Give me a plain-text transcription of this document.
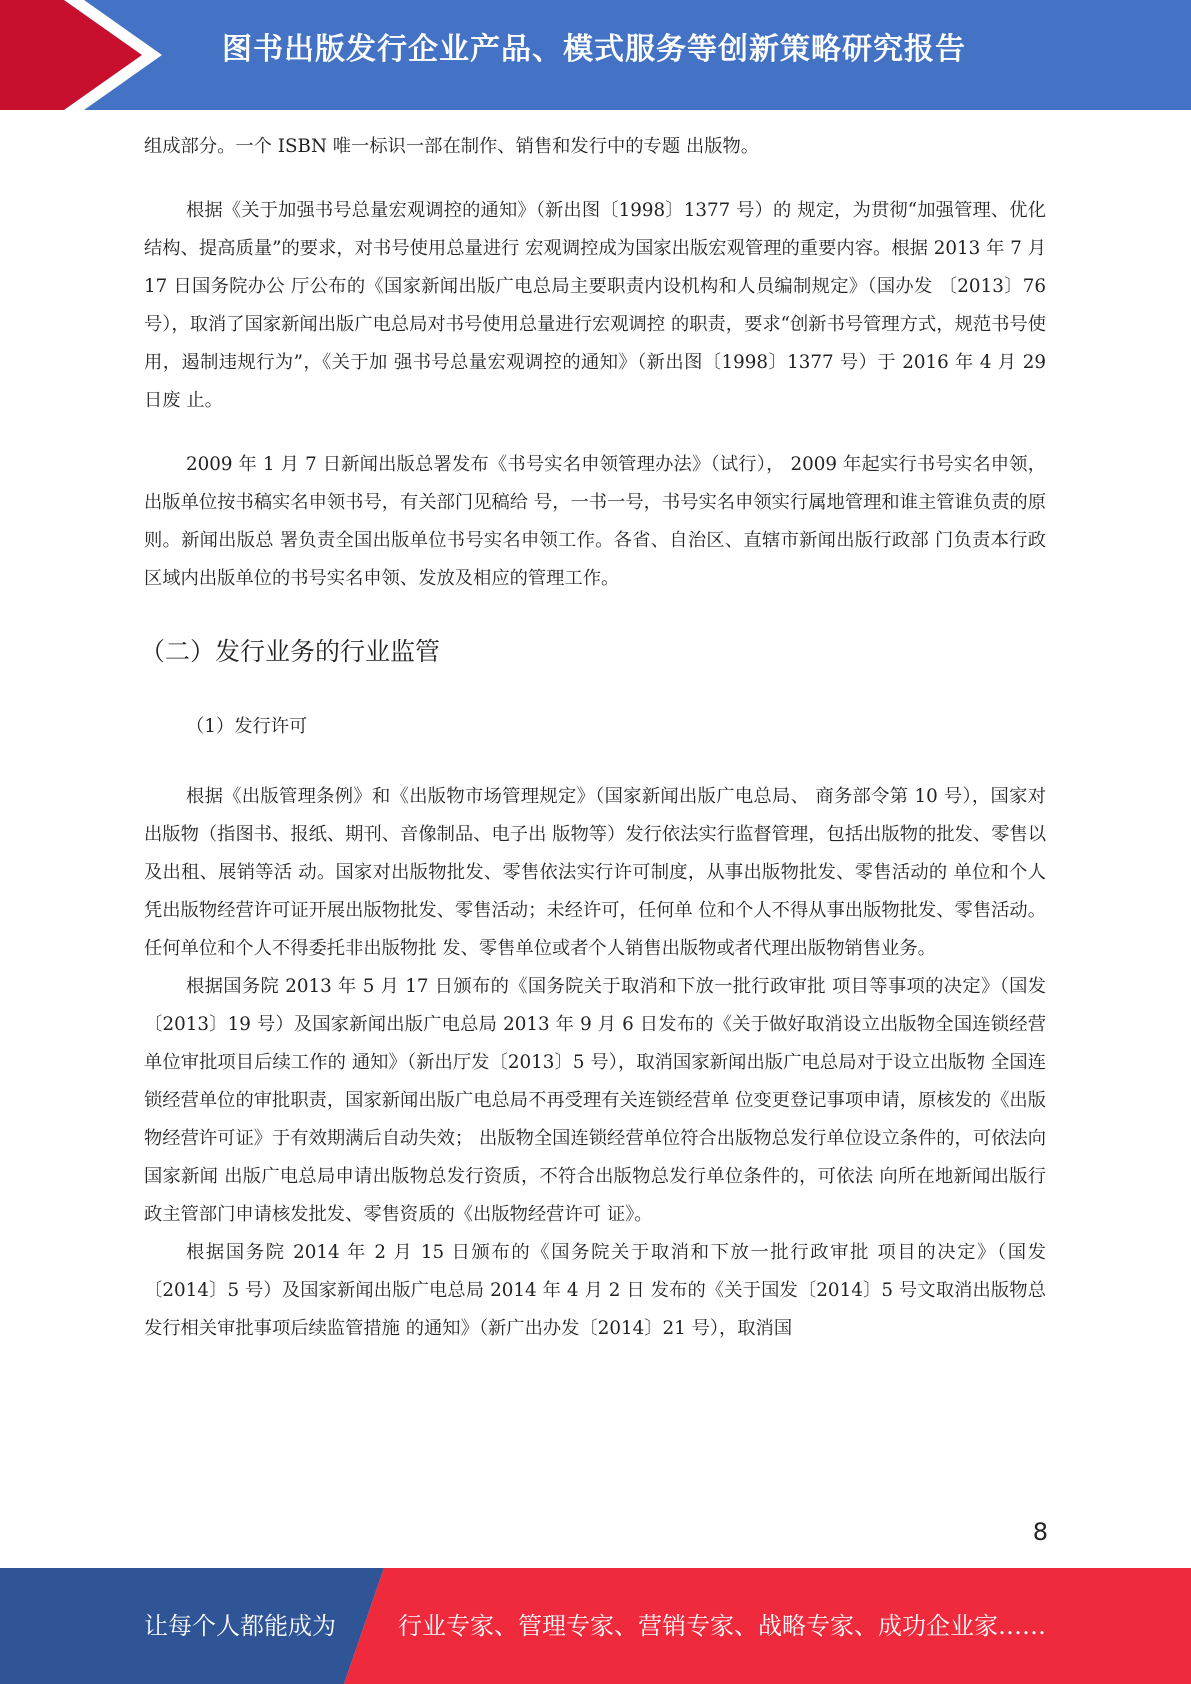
图书出版发行企业产品、模式服务等创新策略研究报告

组成部分。一个 ISBN 唯一标识一部在制作、销售和发行中的专题 出版物。

根据《关于加强书号总量宏观调控的通知》（新出图〔1998〕1377 号）的 规定，为贯彻“加强管理、优化结构、提高质量”的要求，对书号使用总量进行 宏观调控成为国家出版宏观管理的重要内容。根据 2013 年 7 月 17 日国务院办公 厅公布的《国家新闻出版广电总局主要职责内设机构和人员编制规定》（国办发 〔2013〕76 号），取消了国家新闻出版广电总局对书号使用总量进行宏观调控 的职责，要求“创新书号管理方式，规范书号使用，遏制违规行为”，《关于加 强书号总量宏观调控的通知》（新出图〔1998〕1377 号）于 2016 年 4 月 29 日废 止。

2009 年 1 月 7 日新闻出版总署发布《书号实名申领管理办法》（试行）， 2009 年起实行书号实名申领，出版单位按书稿实名申领书号，有关部门见稿给 号，一书一号，书号实名申领实行属地管理和谁主管谁负责的原则。新闻出版总 署负责全国出版单位书号实名申领工作。各省、自治区、直辖市新闻出版行政部 门负责本行政区域内出版单位的书号实名申领、发放及相应的管理工作。

（二）发行业务的行业监管

（1）发行许可

根据《出版管理条例》和《出版物市场管理规定》（国家新闻出版广电总局、 商务部令第 10 号），国家对出版物（指图书、报纸、期刊、音像制品、电子出 版物等）发行依法实行监督管理，包括出版物的批发、零售以及出租、展销等活 动。国家对出版物批发、零售依法实行许可制度，从事出版物批发、零售活动的 单位和个人凭出版物经营许可证开展出版物批发、零售活动；未经许可，任何单 位和个人不得从事出版物批发、零售活动。任何单位和个人不得委托非出版物批 发、零售单位或者个人销售出版物或者代理出版物销售业务。

根据国务院 2013 年 5 月 17 日颁布的《国务院关于取消和下放一批行政审批 项目等事项的决定》（国发〔2013〕19 号）及国家新闻出版广电总局 2013 年 9 月 6 日发布的《关于做好取消设立出版物全国连锁经营单位审批项目后续工作的 通知》（新出厅发〔2013〕5 号），取消国家新闻出版广电总局对于设立出版物 全国连锁经营单位的审批职责，国家新闻出版广电总局不再受理有关连锁经营单 位变更登记事项申请，原核发的《出版物经营许可证》于有效期满后自动失效； 出版物全国连锁经营单位符合出版物总发行单位设立条件的，可依法向国家新闻 出版广电总局申请出版物总发行资质，不符合出版物总发行单位条件的，可依法 向所在地新闻出版行政主管部门申请核发批发、零售资质的《出版物经营许可 证》。

根据国务院 2014 年 2 月 15 日颁布的《国务院关于取消和下放一批行政审批 项目的决定》（国发〔2014〕5 号）及国家新闻出版广电总局 2014 年 4 月 2 日 发布的《关于国发〔2014〕5 号文取消出版物总发行相关审批事项后续监管措施 的通知》（新广出办发〔2014〕21 号），取消国

8
让每个人都能成为	行业专家、管理专家、营销专家、战略专家、成功企业家……
